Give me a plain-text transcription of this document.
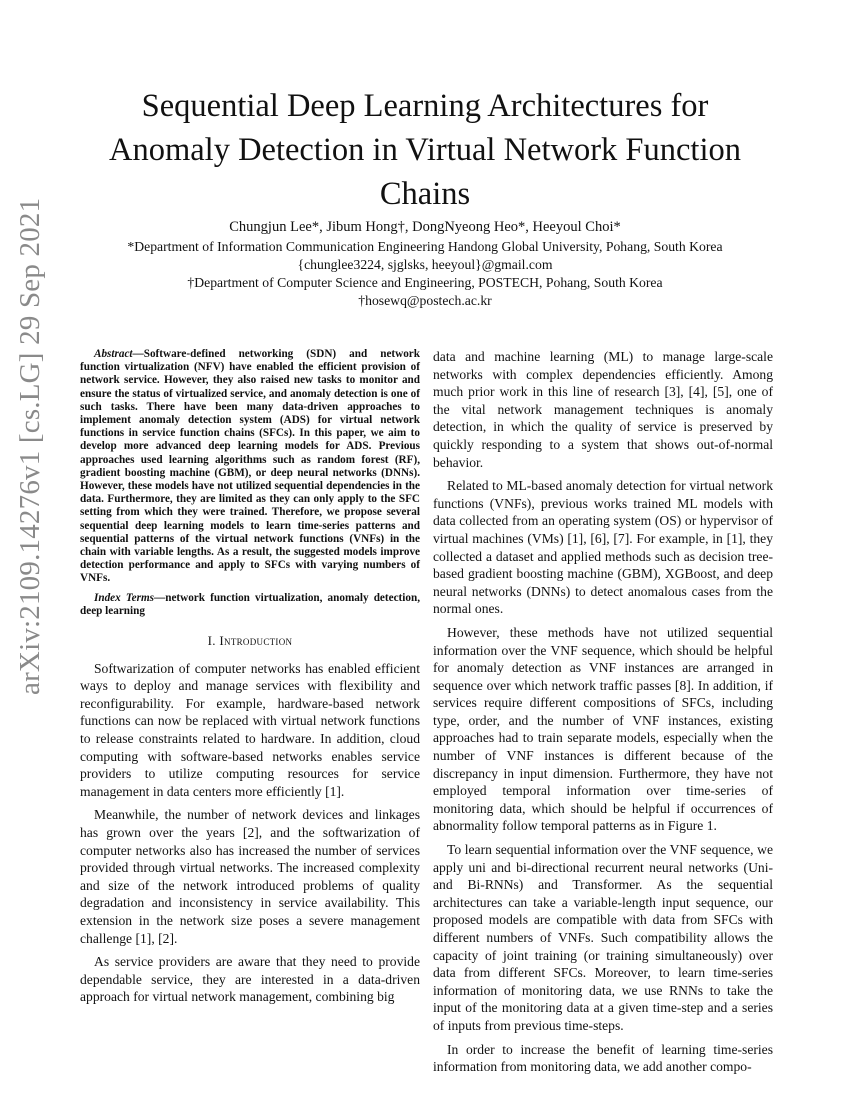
arXiv:2109.14276v1 [cs.LG] 29 Sep 2021
Sequential Deep Learning Architectures for Anomaly Detection in Virtual Network Function Chains
Chungjun Lee*, Jibum Hong†, DongNyeong Heo*, Heeyoul Choi*
*Department of Information Communication Engineering Handong Global University, Pohang, South Korea
{chunglee3224, sjglsks, heeyoul}@gmail.com
†Department of Computer Science and Engineering, POSTECH, Pohang, South Korea
†hosewq@postech.ac.kr

Abstract—Software-defined networking (SDN) and network function virtualization (NFV) have enabled the efficient provision of network service. However, they also raised new tasks to monitor and ensure the status of virtualized service, and anomaly detection is one of such tasks. There have been many data-driven approaches to implement anomaly detection system (ADS) for virtual network functions in service function chains (SFCs). In this paper, we aim to develop more advanced deep learning models for ADS. Previous approaches used learning algorithms such as random forest (RF), gradient boosting machine (GBM), or deep neural networks (DNNs). However, these models have not utilized sequential dependencies in the data. Furthermore, they are limited as they can only apply to the SFC setting from which they were trained. Therefore, we propose several sequential deep learning models to learn time-series patterns and sequential patterns of the virtual network functions (VNFs) in the chain with variable lengths. As a result, the suggested models improve detection performance and apply to SFCs with varying numbers of VNFs.

Index Terms—network function virtualization, anomaly detection, deep learning

I. Introduction

Softwarization of computer networks has enabled efficient ways to deploy and manage services with flexibility and reconfigurability. For example, hardware-based network functions can now be replaced with virtual network functions to release constraints related to hardware. In addition, cloud computing with software-based networks enables service providers to utilize computing resources for service management in data centers more efficiently [1].

Meanwhile, the number of network devices and linkages has grown over the years [2], and the softwarization of computer networks also has increased the number of services provided through virtual networks. The increased complexity and size of the network introduced problems of quality degradation and inconsistency in service availability. This extension in the network size poses a severe management challenge [1], [2].

As service providers are aware that they need to provide dependable service, they are interested in a data-driven approach for virtual network management, combining big

data and machine learning (ML) to manage large-scale networks with complex dependencies efficiently. Among much prior work in this line of research [3], [4], [5], one of the vital network management techniques is anomaly detection, in which the quality of service is preserved by quickly responding to a system that shows out-of-normal behavior.

Related to ML-based anomaly detection for virtual network functions (VNFs), previous works trained ML models with data collected from an operating system (OS) or hypervisor of virtual machines (VMs) [1], [6], [7]. For example, in [1], they collected a dataset and applied methods such as decision tree-based gradient boosting machine (GBM), XGBoost, and deep neural networks (DNNs) to detect anomalous cases from the normal ones.

However, these methods have not utilized sequential information over the VNF sequence, which should be helpful for anomaly detection as VNF instances are arranged in sequence over which network traffic passes [8]. In addition, if services require different compositions of SFCs, including type, order, and the number of VNF instances, existing approaches had to train separate models, especially when the number of VNF instances is different because of the discrepancy in input dimension. Furthermore, they have not employed temporal information over time-series of monitoring data, which should be helpful if occurrences of abnormality follow temporal patterns as in Figure 1.

To learn sequential information over the VNF sequence, we apply uni and bi-directional recurrent neural networks (Uni- and Bi-RNNs) and Transformer. As the sequential architectures can take a variable-length input sequence, our proposed models are compatible with data from SFCs with different numbers of VNFs. Such compatibility allows the capacity of joint training (or training simultaneously) over data from different SFCs. Moreover, to learn time-series information of monitoring data, we use RNNs to take the input of the monitoring data at a given time-step and a series of inputs from previous time-steps.

In order to increase the benefit of learning time-series information from monitoring data, we add another compo-
